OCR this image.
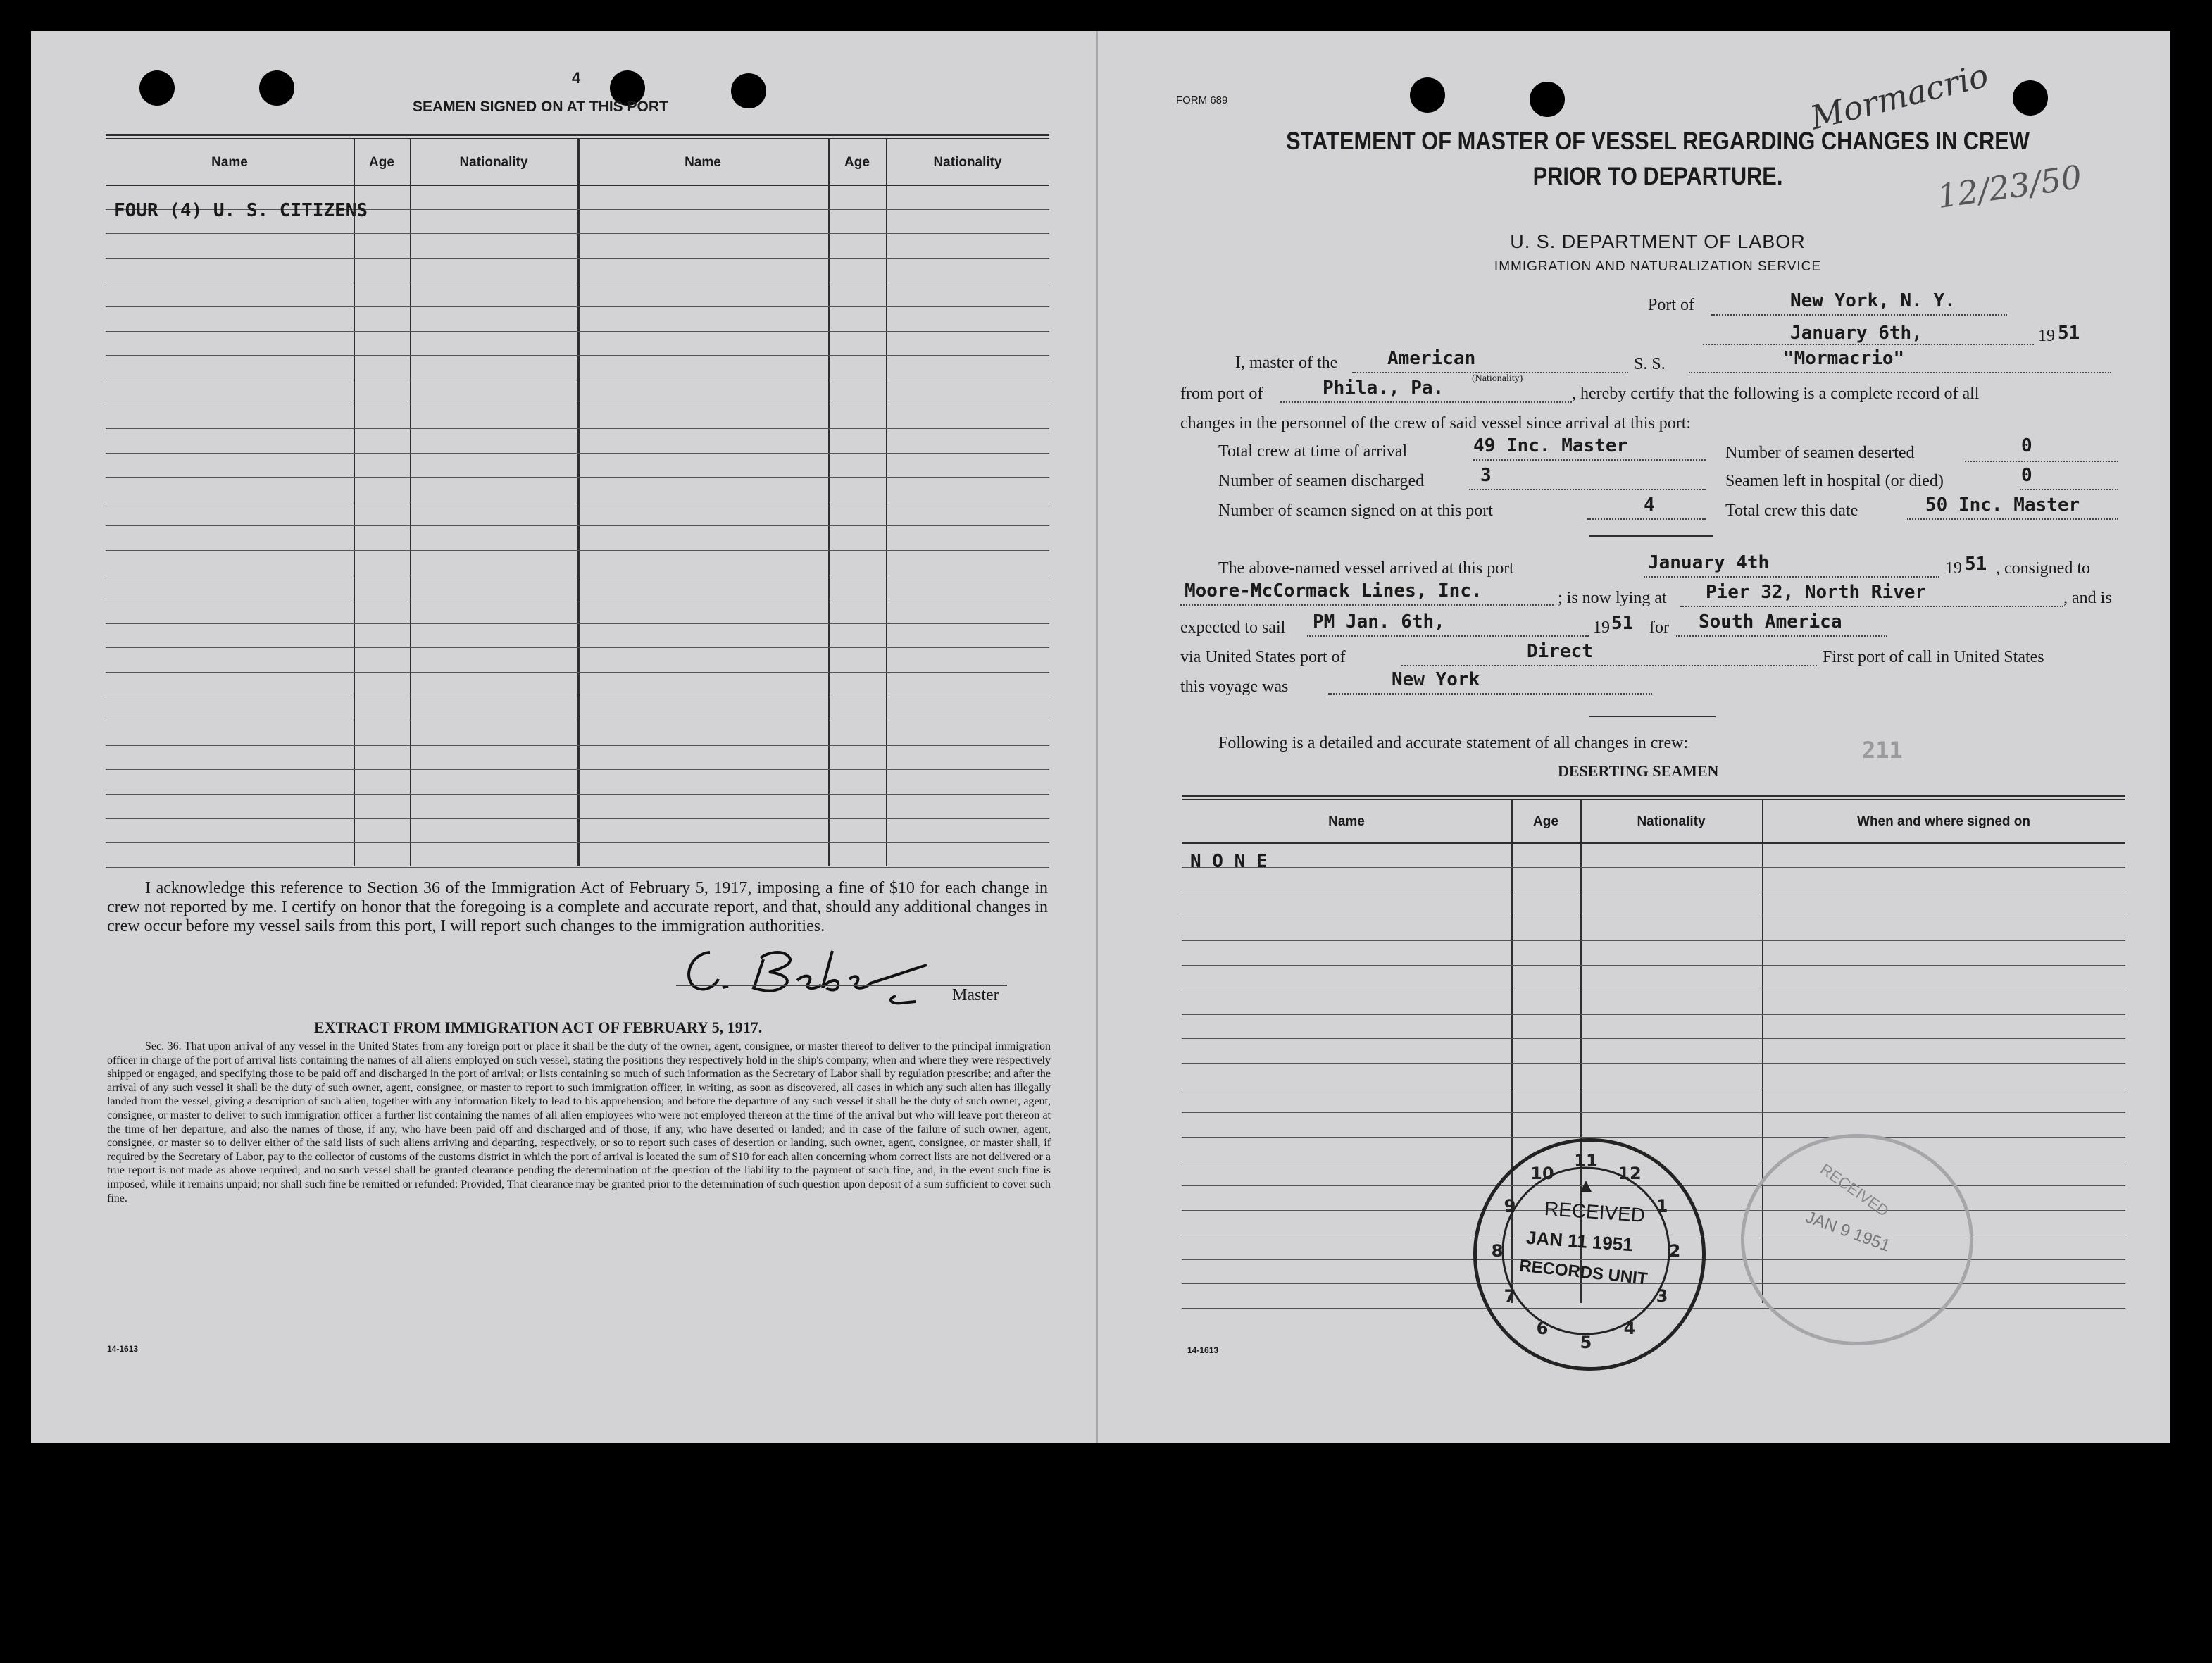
4
SEAMEN SIGNED ON AT THIS PORT
Name	Age	Nationality	Name	Age	Nationality
FOUR (4) U. S. CITIZENS
I acknowledge this reference to Section 36 of the Immigration Act of February 5, 1917, imposing a fine of $10 for each change in crew not reported by me. I certify on honor that the foregoing is a complete and accurate report, and that, should any additional changes in crew occur before my vessel sails from this port, I will report such changes to the immigration authorities.
Master
EXTRACT FROM IMMIGRATION ACT OF FEBRUARY 5, 1917.
Sec. 36. That upon arrival of any vessel in the United States from any foreign port or place it shall be the duty of the owner, agent, consignee, or master thereof to deliver to the principal immigration officer in charge of the port of arrival lists containing the names of all aliens employed on such vessel, stating the positions they respectively hold in the ship's company, when and where they were respectively shipped or engaged, and specifying those to be paid off and discharged in the port of arrival; or lists containing so much of such information as the Secretary of Labor shall by regulation prescribe; and after the arrival of any such vessel it shall be the duty of such owner, agent, consignee, or master to report to such immigration officer, in writing, as soon as discovered, all cases in which any such alien has illegally landed from the vessel, giving a description of such alien, together with any information likely to lead to his apprehension; and before the departure of any such vessel it shall be the duty of such owner, agent, consignee, or master to deliver to such immigration officer a further list containing the names of all alien employees who were not employed thereon at the time of the arrival but who will leave port thereon at the time of her departure, and also the names of those, if any, who have been paid off and discharged and of those, if any, who have deserted or landed; and in case of the failure of such owner, agent, consignee, or master so to deliver either of the said lists of such aliens arriving and departing, respectively, or so to report such cases of desertion or landing, such owner, agent, consignee, or master shall, if required by the Secretary of Labor, pay to the collector of customs of the customs district in which the port of arrival is located the sum of $10 for each alien concerning whom correct lists are not delivered or a true report is not made as above required; and no such vessel shall be granted clearance pending the determination of the question of the liability to the payment of such fine, and, in the event such fine is imposed, while it remains unpaid; nor shall such fine be remitted or refunded: Provided, That clearance may be granted prior to the determination of such question upon deposit of a sum sufficient to cover such fine.
14-1613
FORM 689	Mormacrio
12/23/50
STATEMENT OF MASTER OF VESSEL REGARDING CHANGES IN CREW
PRIOR TO DEPARTURE.
U. S. DEPARTMENT OF LABOR
IMMIGRATION AND NATURALIZATION SERVICE
Port of	New York, N. Y.
January 6th,	19 51
I, master of the	American	S. S.	"Mormacrio"
from port of	Phila., Pa.	(Nationality)
, hereby certify that the following is a complete record of all
changes in the personnel of the crew of said vessel since arrival at this port:
Total crew at time of arrival	49 Inc. Master	Number of seamen deserted	0
Number of seamen discharged	3	Seamen left in hospital (or died)	0
Number of seamen signed on at this port	4	Total crew this date	50 Inc. Master
The above-named vessel arrived at this port	January 4th	19 51 , consigned to
Moore-McCormack Lines, Inc.	; is now lying at Pier 32, North River	, and is
expected to sail PM Jan. 6th,	19 51 for South America
via United States port of	Direct	First port of call in United States
this voyage was	New York
Following is a detailed and accurate statement of all changes in crew:	211
DESERTING SEAMEN
Name	Age	Nationality	When and where signed on
N O N E
14-1613
11
12
1
2
3
4
5
6
7
8
9
10
RECEIVED
JAN 11 1951
RECORDS UNIT
RECEIVED
JAN 9 1951
